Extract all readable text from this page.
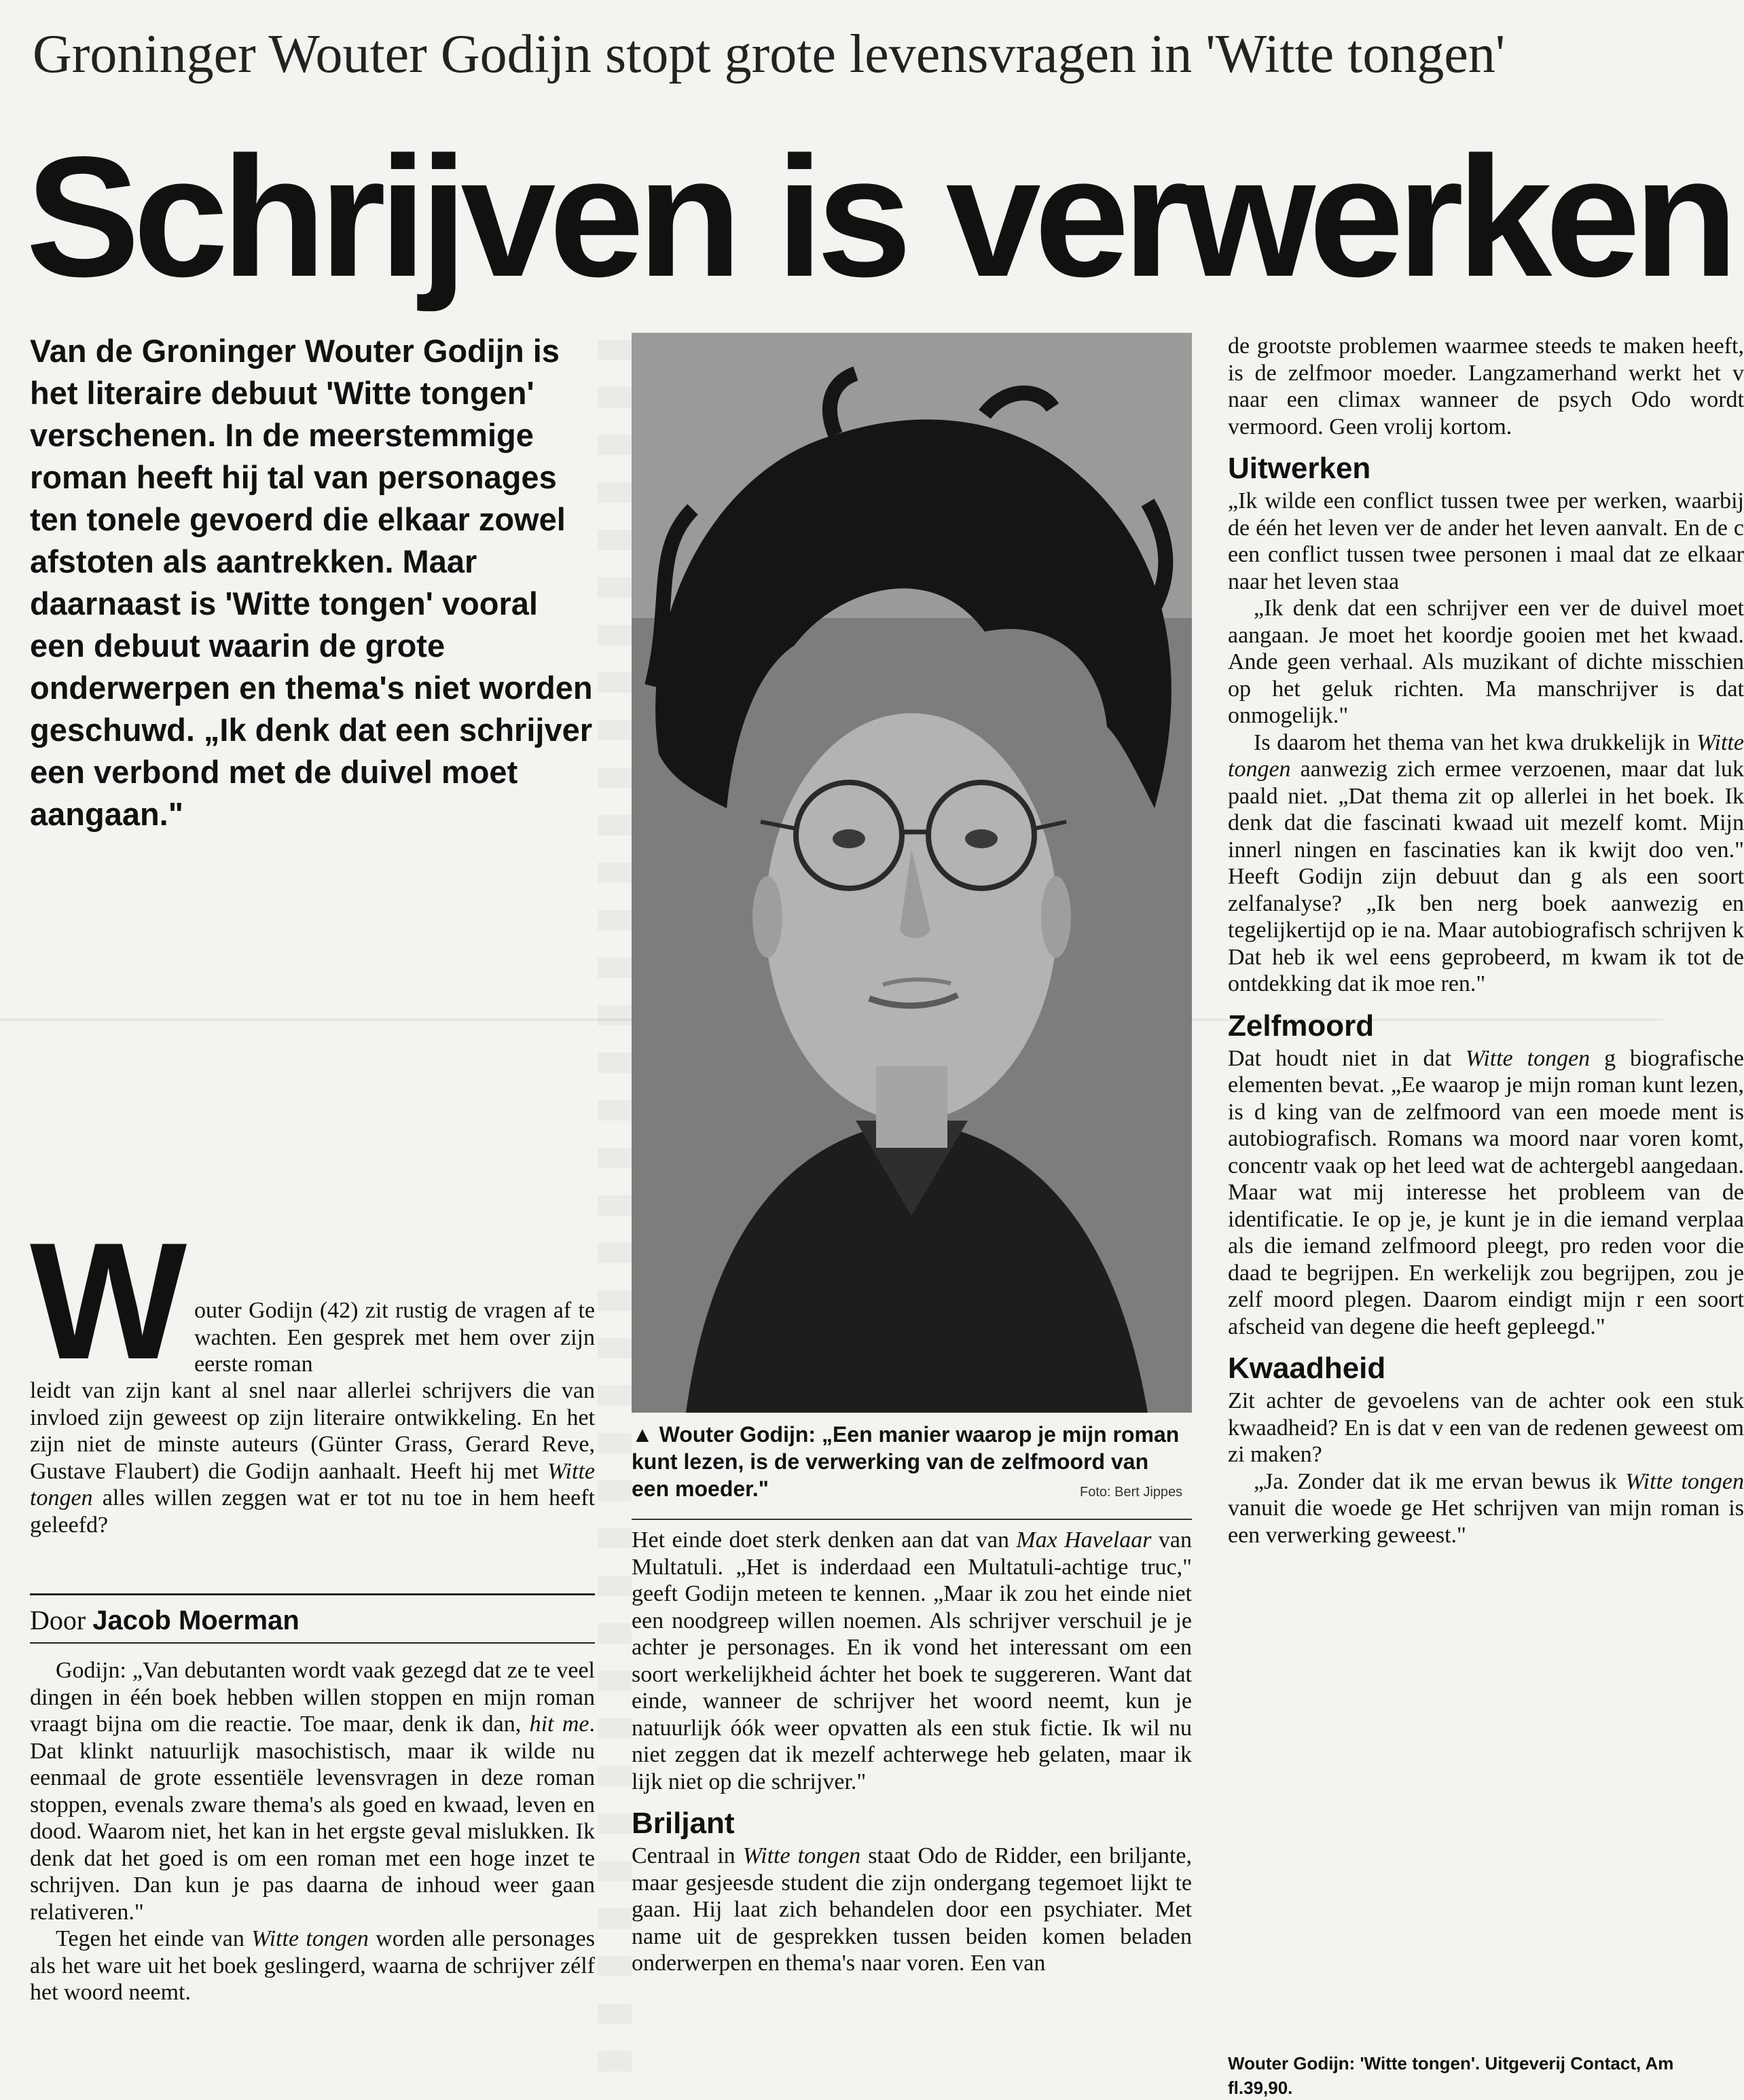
Groninger Wouter Godijn stopt grote levensvragen in 'Witte tongen'
Schrijven is verwerken

Van de Groninger Wouter Godijn is het literaire debuut 'Witte tongen' verschenen. In de meerstemmige roman heeft hij tal van personages ten tonele gevoerd die elkaar zowel afstoten als aantrekken. Maar daarnaast is 'Witte tongen' vooral een debuut waarin de grote onderwerpen en thema's niet worden geschuwd. „Ik denk dat een schrijver een verbond met de duivel moet aangaan."

W outer Godijn (42) zit rustig de vragen af te wachten. Een gesprek met hem over zijn eerste roman

leidt van zijn kant al snel naar allerlei schrijvers die van invloed zijn geweest op zijn literaire ontwikkeling. En het zijn niet de minste auteurs (Günter Grass, Gerard Reve, Gustave Flaubert) die Godijn aanhaalt. Heeft hij met Witte tongen alles willen zeggen wat er tot nu toe in hem heeft geleefd?

Door Jacob Moerman

Godijn: „Van debutanten wordt vaak gezegd dat ze te veel dingen in één boek hebben willen stoppen en mijn roman vraagt bijna om die reactie. Toe maar, denk ik dan, hit me. Dat klinkt natuurlijk masochistisch, maar ik wilde nu eenmaal de grote essentiële levensvragen in deze roman stoppen, evenals zware thema's als goed en kwaad, leven en dood. Waarom niet, het kan in het ergste geval mislukken. Ik denk dat het goed is om een roman met een hoge inzet te schrijven. Dan kun je pas daarna de inhoud weer gaan relativeren."

Tegen het einde van Witte tongen worden alle personages als het ware uit het boek geslingerd, waarna de schrijver zélf het woord neemt.

▲ Wouter Godijn: „Een manier waarop je mijn roman kunt lezen, is de verwerking van de zelfmoord van een moeder."	Foto: Bert Jippes

Het einde doet sterk denken aan dat van Max Havelaar van Multatuli. „Het is inderdaad een Multatuli-achtige truc," geeft Godijn meteen te kennen. „Maar ik zou het einde niet een noodgreep willen noemen. Als schrijver verschuil je je achter je personages. En ik vond het interessant om een soort werkelijkheid áchter het boek te suggereren. Want dat einde, wanneer de schrijver het woord neemt, kun je natuurlijk óók weer opvatten als een stuk fictie. Ik wil nu niet zeggen dat ik mezelf achterwege heb gelaten, maar ik lijk niet op die schrijver."

Briljant

Centraal in Witte tongen staat Odo de Ridder, een briljante, maar gesjeesde student die zijn ondergang tegemoet lijkt te gaan. Hij laat zich behandelen door een psychiater. Met name uit de gesprekken tussen beiden komen beladen onderwerpen en thema's naar voren. Een van

de grootste problemen waarmee steeds te maken heeft, is de zelfmoor moeder. Langzamerhand werkt het v naar een climax wanneer de psych Odo wordt vermoord. Geen vrolij kortom.

Uitwerken

„Ik wilde een conflict tussen twee per werken, waarbij de één het leven ver de ander het leven aanvalt. En de c een conflict tussen twee personen i maal dat ze elkaar naar het leven staa

„Ik denk dat een schrijver een ver de duivel moet aangaan. Je moet het koordje gooien met het kwaad. Ande geen verhaal. Als muzikant of dichte misschien op het geluk richten. Ma manschrijver is dat onmogelijk."

Is daarom het thema van het kwa drukkelijk in Witte tongen aanwezig zich ermee verzoenen, maar dat luk paald niet. „Dat thema zit op allerlei in het boek. Ik denk dat die fascinati kwaad uit mezelf komt. Mijn innerl ningen en fascinaties kan ik kwijt doo ven." Heeft Godijn zijn debuut dan g als een soort zelfanalyse? „Ik ben nerg boek aanwezig en tegelijkertijd op ie na. Maar autobiografisch schrijven k Dat heb ik wel eens geprobeerd, m kwam ik tot de ontdekking dat ik moe ren."

Zelfmoord

Dat houdt niet in dat Witte tongen g biografische elementen bevat. „Ee waarop je mijn roman kunt lezen, is d king van de zelfmoord van een moede ment is autobiografisch. Romans wa moord naar voren komt, concentr vaak op het leed wat de achtergebl aangedaan. Maar wat mij interesse het probleem van de identificatie. Ie op je, je kunt je in die iemand verplaa als die iemand zelfmoord pleegt, pro reden voor die daad te begrijpen. En werkelijk zou begrijpen, zou je zelf moord plegen. Daarom eindigt mijn r een soort afscheid van degene die heeft gepleegd."

Kwaadheid

Zit achter de gevoelens van de achter ook een stuk kwaadheid? En is dat v een van de redenen geweest om zi maken?

„Ja. Zonder dat ik me ervan bewus ik Witte tongen vanuit die woede ge Het schrijven van mijn roman is een verwerking geweest."

Wouter Godijn: 'Witte tongen'. Uitgeverij Contact, Am
fl.39,90.
